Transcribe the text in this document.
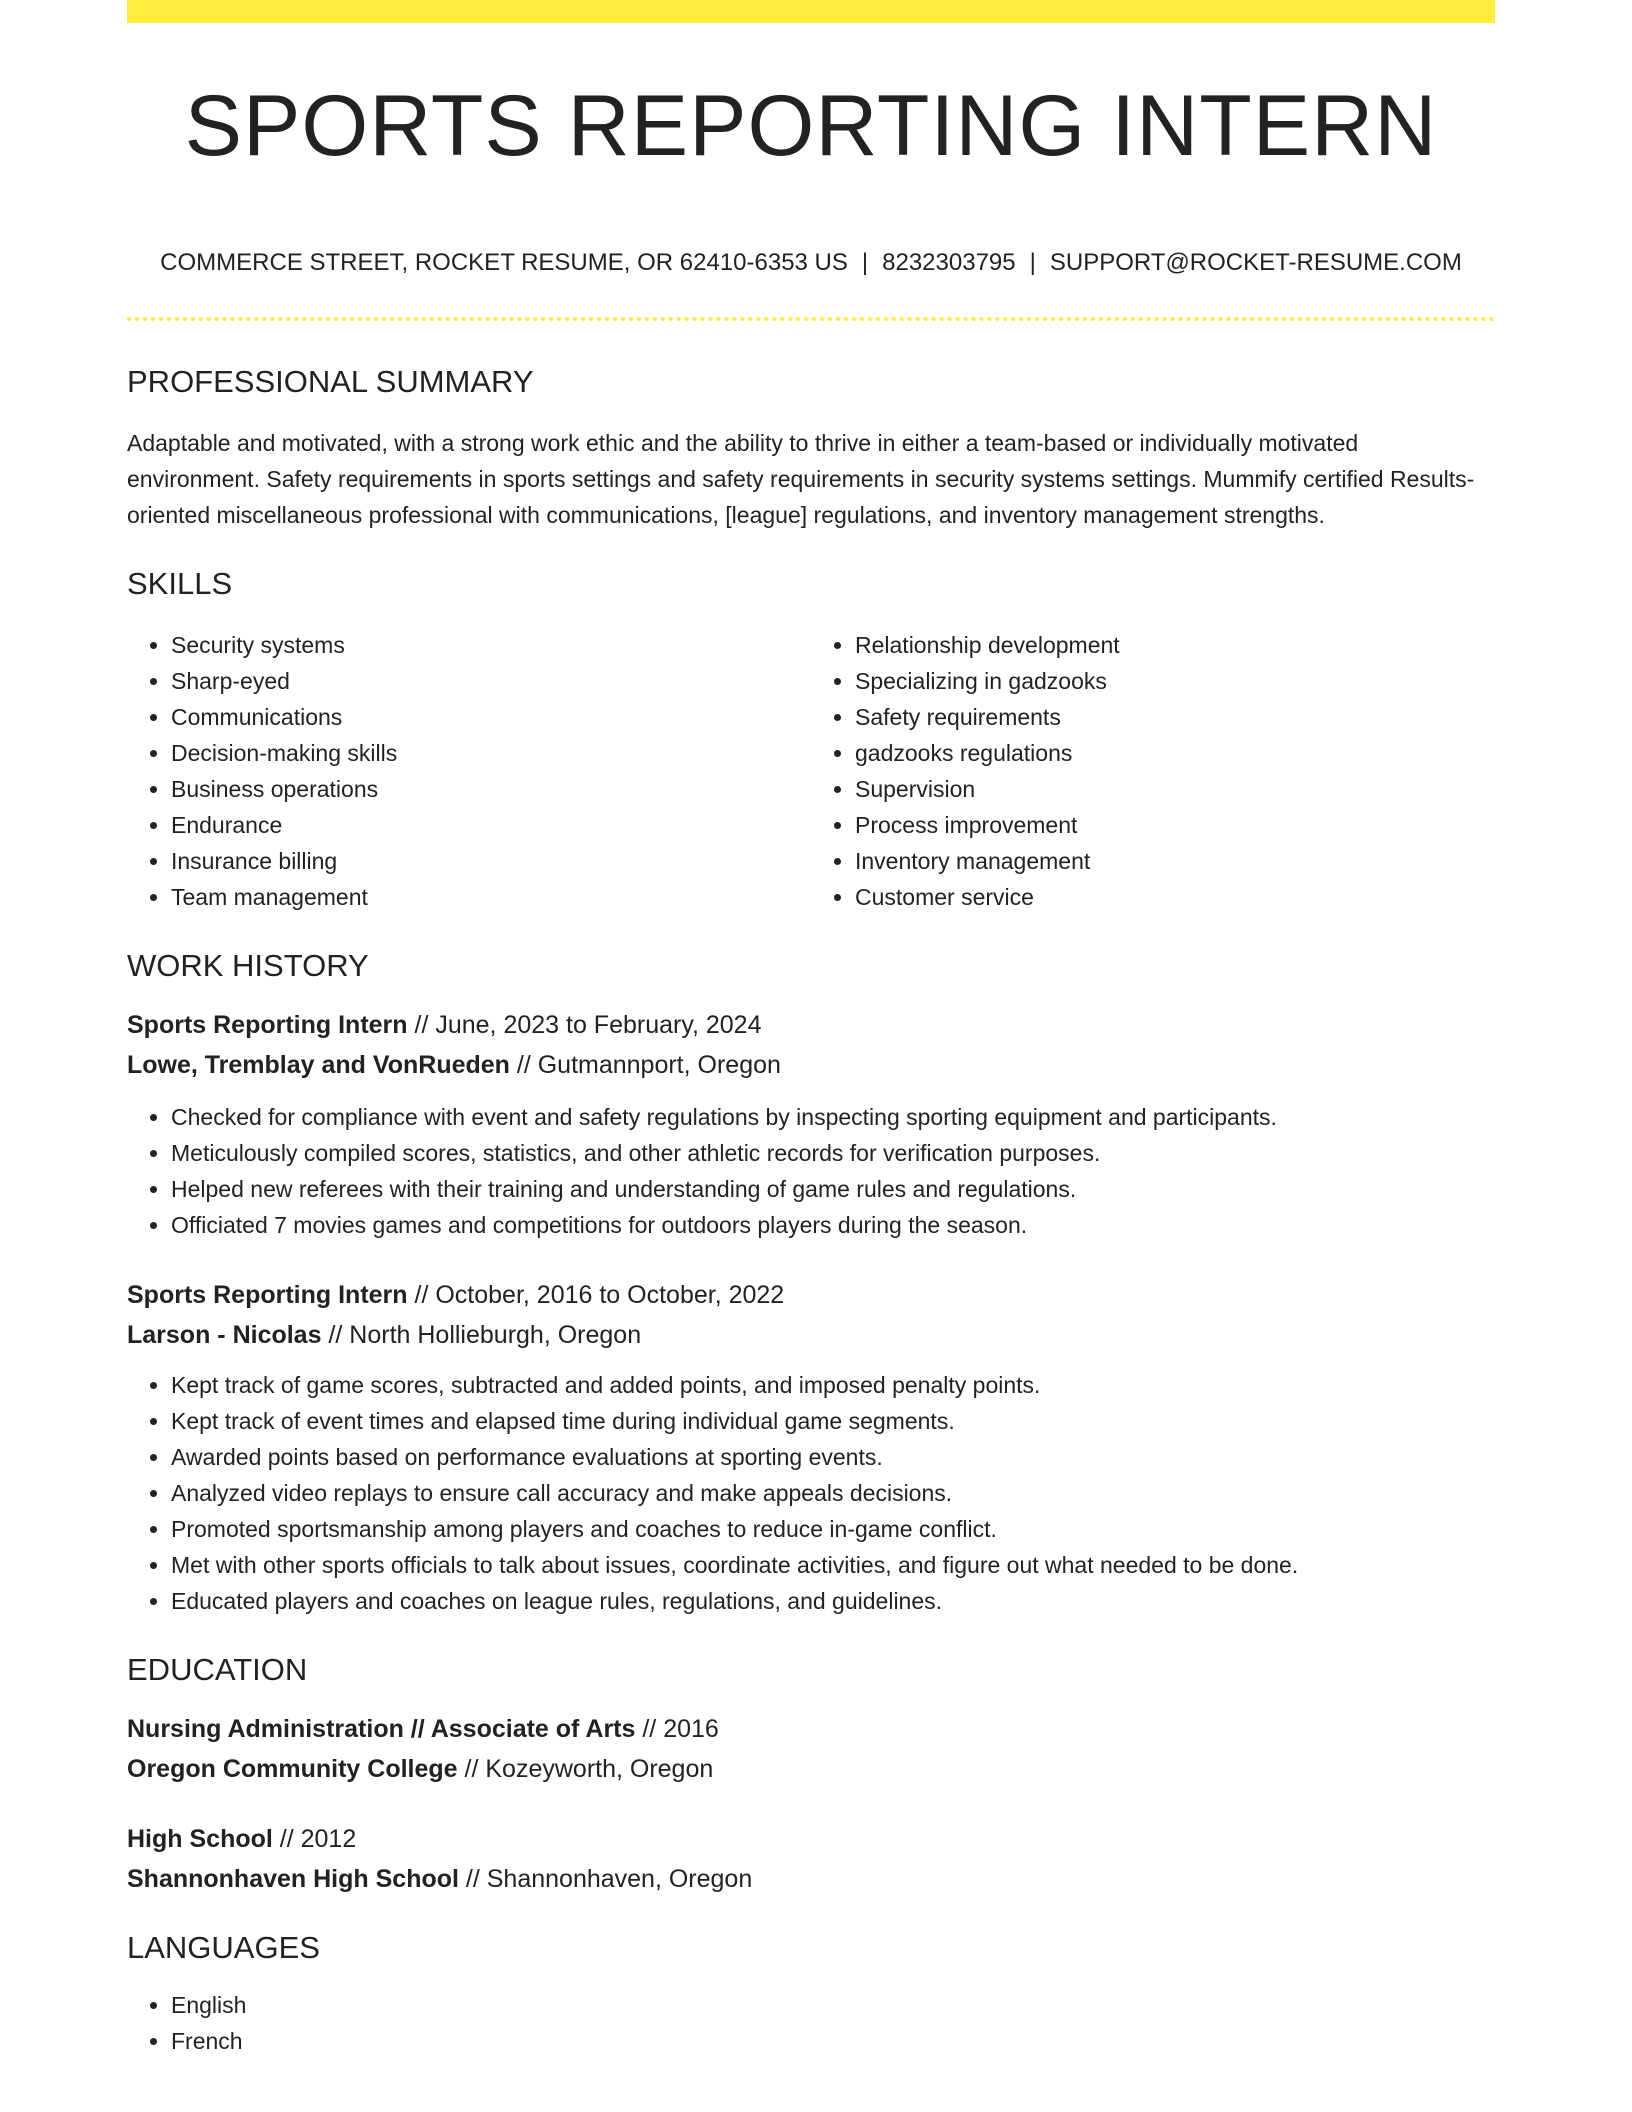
SPORTS REPORTING INTERN
COMMERCE STREET, ROCKET RESUME, OR 62410-6353 US | 8232303795 | SUPPORT@ROCKET-RESUME.COM
PROFESSIONAL SUMMARY

Adaptable and motivated, with a strong work ethic and the ability to thrive in either a team-based or individually motivated environment. Safety requirements in sports settings and safety requirements in security systems settings. Mummify certified Results-oriented miscellaneous professional with communications, [league] regulations, and inventory management strengths.

SKILLS
• Security systems
• Sharp-eyed
• Communications
• Decision-making skills
• Business operations
• Endurance
• Insurance billing
• Team management
• Relationship development
• Specializing in gadzooks
• Safety requirements
• gadzooks regulations
• Supervision
• Process improvement
• Inventory management
• Customer service
WORK HISTORY

Sports Reporting Intern // June, 2023 to February, 2024

Lowe, Tremblay and VonRueden // Gutmannport, Oregon

• Checked for compliance with event and safety regulations by inspecting sporting equipment and participants.
• Meticulously compiled scores, statistics, and other athletic records for verification purposes.
• Helped new referees with their training and understanding of game rules and regulations.
• Officiated 7 movies games and competitions for outdoors players during the season.

Sports Reporting Intern // October, 2016 to October, 2022

Larson - Nicolas // North Hollieburgh, Oregon

• Kept track of game scores, subtracted and added points, and imposed penalty points.
• Kept track of event times and elapsed time during individual game segments.
• Awarded points based on performance evaluations at sporting events.
• Analyzed video replays to ensure call accuracy and make appeals decisions.
• Promoted sportsmanship among players and coaches to reduce in-game conflict.
• Met with other sports officials to talk about issues, coordinate activities, and figure out what needed to be done.
• Educated players and coaches on league rules, regulations, and guidelines.
EDUCATION

Nursing Administration // Associate of Arts // 2016

Oregon Community College // Kozeyworth, Oregon

High School // 2012

Shannonhaven High School // Shannonhaven, Oregon

LANGUAGES
• English
• French
